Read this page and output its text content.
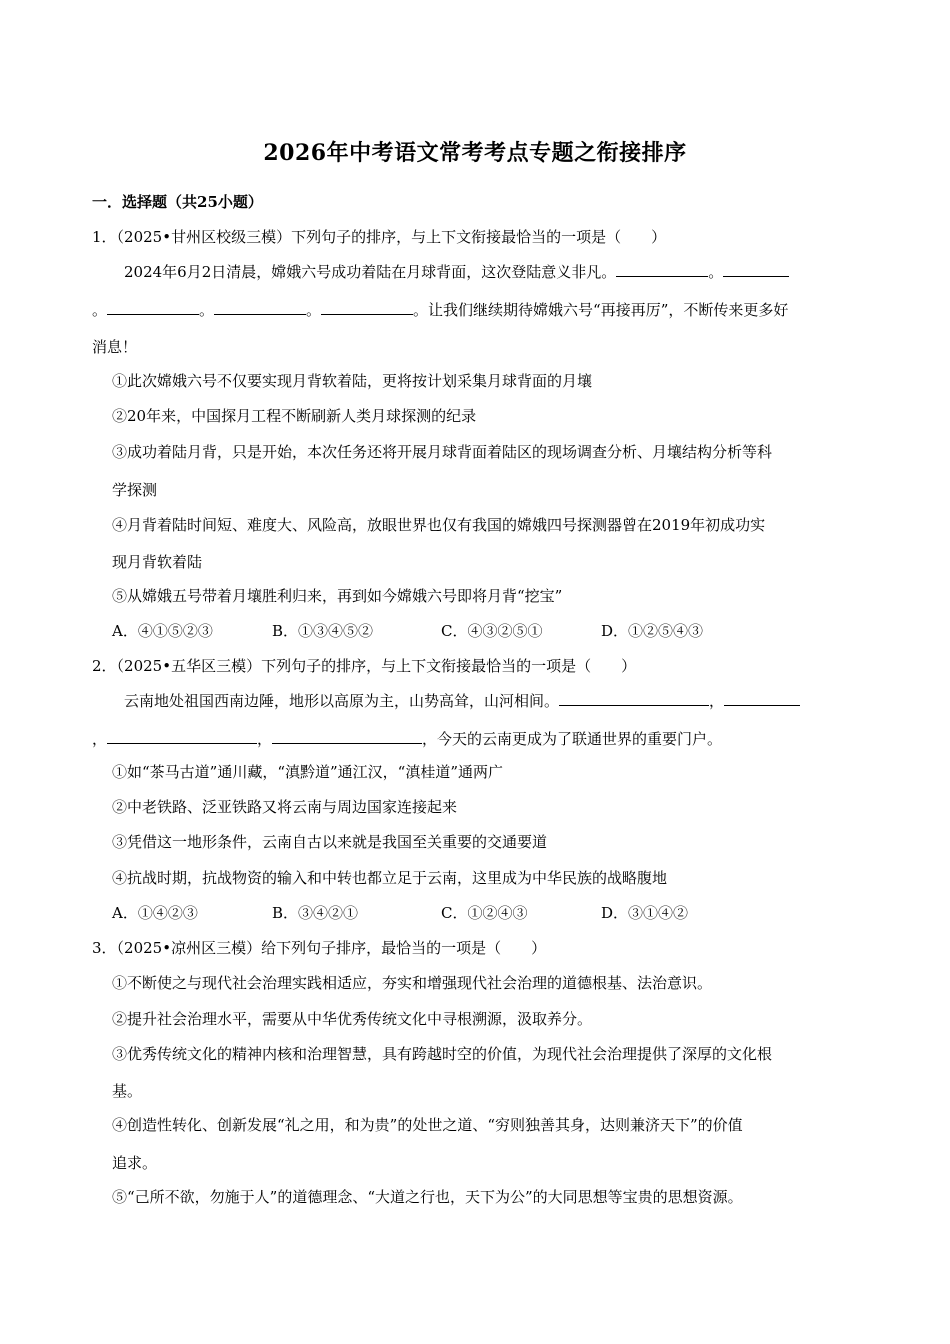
2026年中考语文常考考点专题之衔接排序
一．选择题（共25小题）
1．（2025•甘州区校级三模）下列句子的排序，与上下文衔接最恰当的一项是（　　）
2024年6月2日清晨，嫦娥六号成功着陆在月球背面，这次登陆意义非凡。	。
。	。	。	。让我们继续期待嫦娥六号“再接再厉”，不断传来更多好
消息！
①此次嫦娥六号不仅要实现月背软着陆，更将按计划采集月球背面的月壤
②20年来，中国探月工程不断刷新人类月球探测的纪录
③成功着陆月背，只是开始，本次任务还将开展月球背面着陆区的现场调查分析、月壤结构分析等科
学探测
④月背着陆时间短、难度大、风险高，放眼世界也仅有我国的嫦娥四号探测器曾在2019年初成功实
现月背软着陆
⑤从嫦娥五号带着月壤胜利归来，再到如今嫦娥六号即将月背“挖宝”
A．④①⑤②③	B．①③④⑤②	C．④③②⑤①	D．①②⑤④③
2．（2025•五华区三模）下列句子的排序，与上下文衔接最恰当的一项是（　　）
云南地处祖国西南边陲，地形以高原为主，山势高耸，山河相间。	，
，	，	，今天的云南更成为了联通世界的重要门户。
①如“茶马古道”通川藏，“滇黔道”通江汉，“滇桂道”通两广
②中老铁路、泛亚铁路又将云南与周边国家连接起来
③凭借这一地形条件，云南自古以来就是我国至关重要的交通要道
④抗战时期，抗战物资的输入和中转也都立足于云南，这里成为中华民族的战略腹地
A．①④②③	B．③④②①	C．①②④③	D．③①④②
3．（2025•凉州区三模）给下列句子排序，最恰当的一项是（　　）
①不断使之与现代社会治理实践相适应，夯实和增强现代社会治理的道德根基、法治意识。
②提升社会治理水平，需要从中华优秀传统文化中寻根溯源，汲取养分。
③优秀传统文化的精神内核和治理智慧，具有跨越时空的价值，为现代社会治理提供了深厚的文化根
基。
④创造性转化、创新发展“礼之用，和为贵”的处世之道、“穷则独善其身，达则兼济天下”的价值
追求。
⑤“己所不欲，勿施于人”的道德理念、“大道之行也，天下为公”的大同思想等宝贵的思想资源。
